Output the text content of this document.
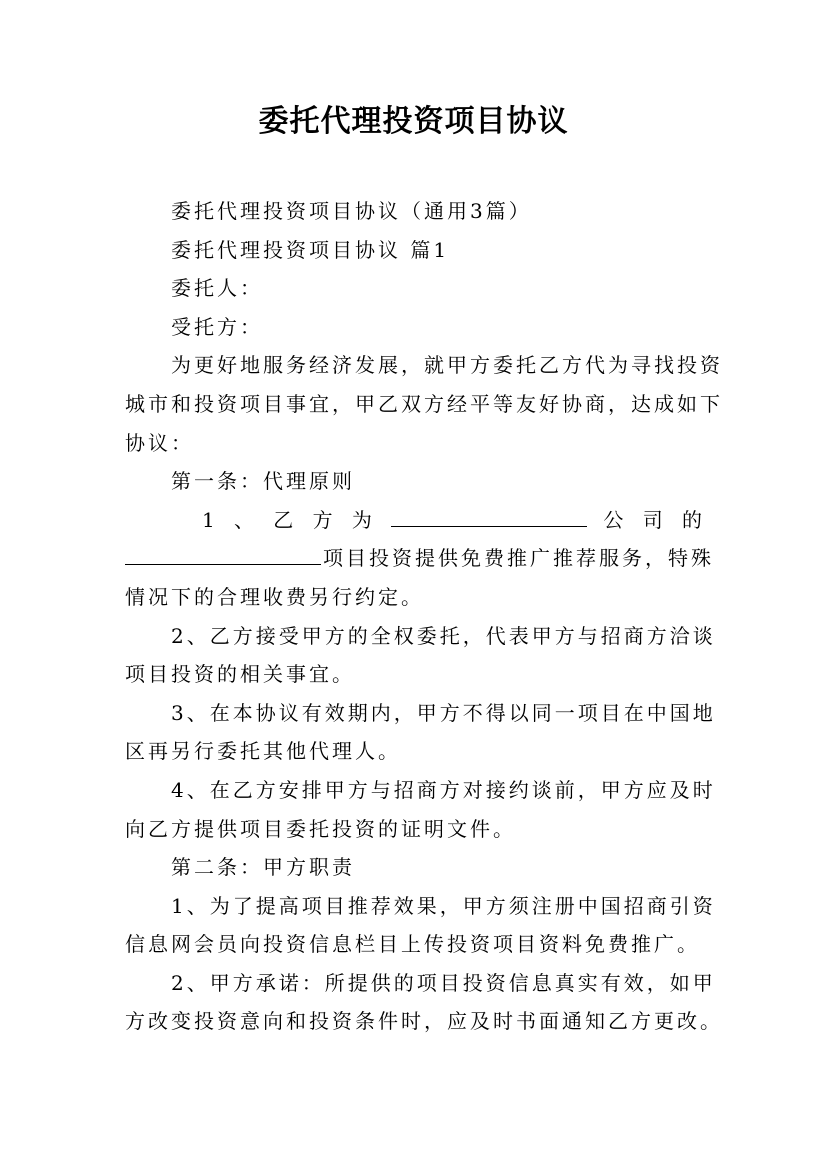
委托代理投资项目协议

委托代理投资项目协议（通用3篇）

委托代理投资项目协议 篇1

委托人：

受托方：

为更好地服务经济发展，就甲方委托乙方代为寻找投资
城市和投资项目事宜，甲乙双方经平等友好协商，达成如下
协议：

第一条：代理原则

1 、 乙 方 为	公 司 的
项目投资提供免费推广推荐服务，特殊
情况下的合理收费另行约定。
2、乙方接受甲方的全权委托，代表甲方与招商方洽谈
项目投资的相关事宜。
3、在本协议有效期内，甲方不得以同一项目在中国地
区再另行委托其他代理人。
4、在乙方安排甲方与招商方对接约谈前，甲方应及时
向乙方提供项目委托投资的证明文件。

第二条：甲方职责

1、为了提高项目推荐效果，甲方须注册中国招商引资
信息网会员向投资信息栏目上传投资项目资料免费推广。
2、甲方承诺：所提供的项目投资信息真实有效，如甲
方改变投资意向和投资条件时，应及时书面通知乙方更改。
